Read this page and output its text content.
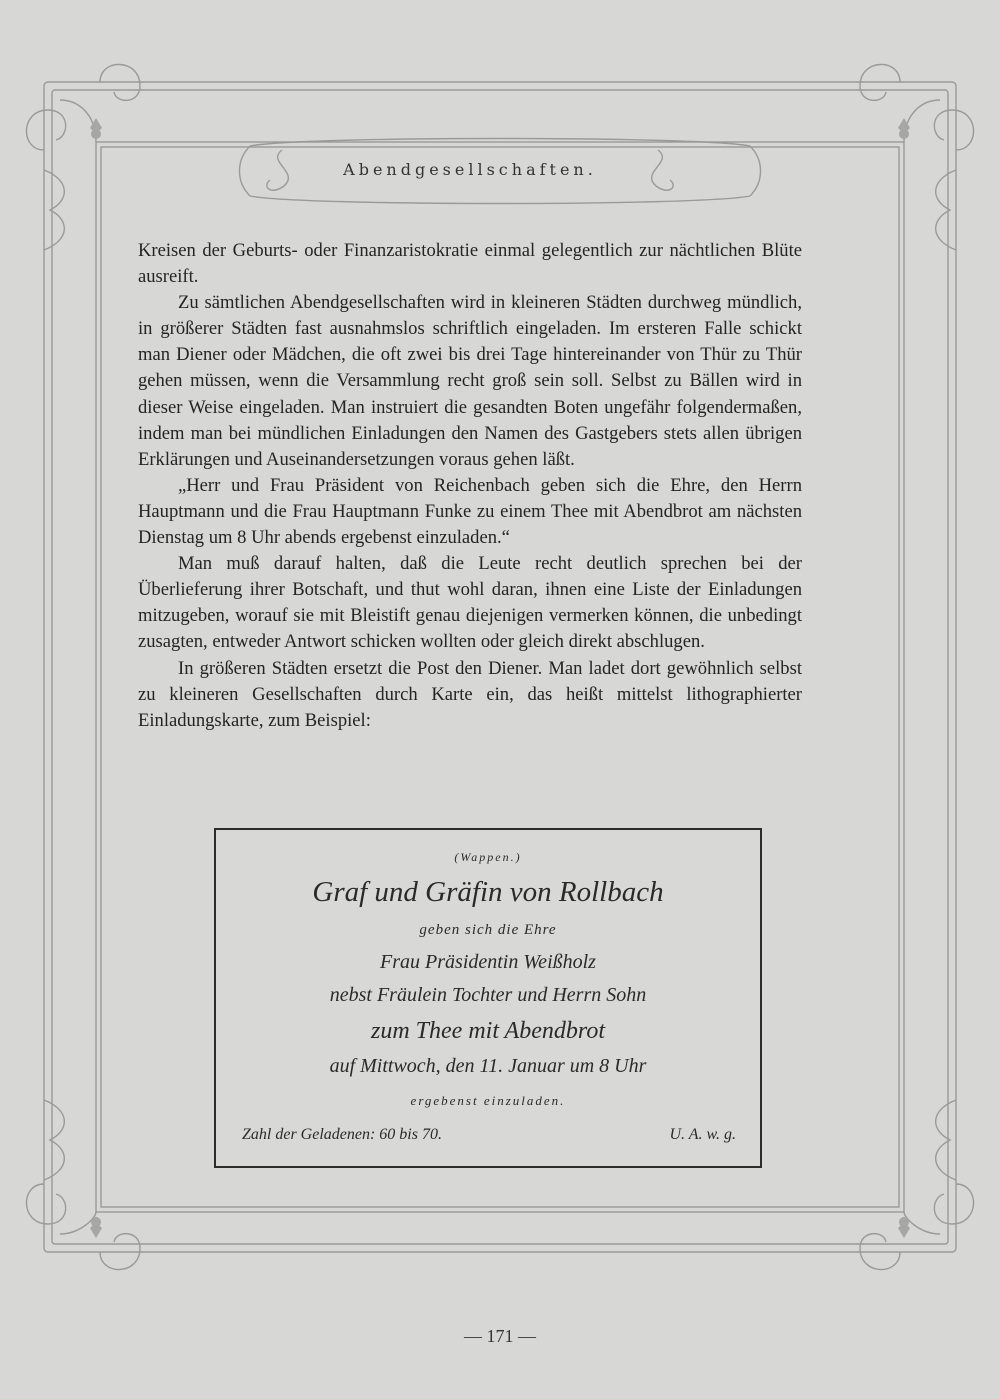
Abendgesellschaften.

Kreisen der Geburts- oder Finanzaristokratie einmal gelegentlich zur nächtlichen Blüte ausreift.

Zu sämtlichen Abendgesellschaften wird in kleineren Städten durchweg mündlich, in größerer Städten fast ausnahmslos schriftlich eingeladen. Im ersteren Falle schickt man Diener oder Mädchen, die oft zwei bis drei Tage hintereinander von Thür zu Thür gehen müssen, wenn die Versammlung recht groß sein soll. Selbst zu Bällen wird in dieser Weise eingeladen. Man instruiert die gesandten Boten ungefähr folgendermaßen, indem man bei mündlichen Einladungen den Namen des Gastgebers stets allen übrigen Erklärungen und Auseinandersetzungen voraus gehen läßt.

„Herr und Frau Präsident von Reichenbach geben sich die Ehre, den Herrn Hauptmann und die Frau Hauptmann Funke zu einem Thee mit Abendbrot am nächsten Dienstag um 8 Uhr abends ergebenst einzuladen.“

Man muß darauf halten, daß die Leute recht deutlich sprechen bei der Überlieferung ihrer Botschaft, und thut wohl daran, ihnen eine Liste der Einladungen mitzugeben, worauf sie mit Bleistift genau diejenigen vermerken können, die unbedingt zusagten, entweder Antwort schicken wollten oder gleich direkt abschlugen.

In größeren Städten ersetzt die Post den Diener. Man ladet dort gewöhnlich selbst zu kleineren Gesellschaften durch Karte ein, das heißt mittelst lithographierter Einladungskarte, zum Beispiel:

(Wappen.)
Graf und Gräfin von Rollbach
geben sich die Ehre
Frau Präsidentin Weißholz
nebst Fräulein Tochter und Herrn Sohn
zum Thee mit Abendbrot
auf Mittwoch, den 11. Januar um 8 Uhr
ergebenst einzuladen.
Zahl der Geladenen: 60 bis 70.	U. A. w. g.
— 171 —
